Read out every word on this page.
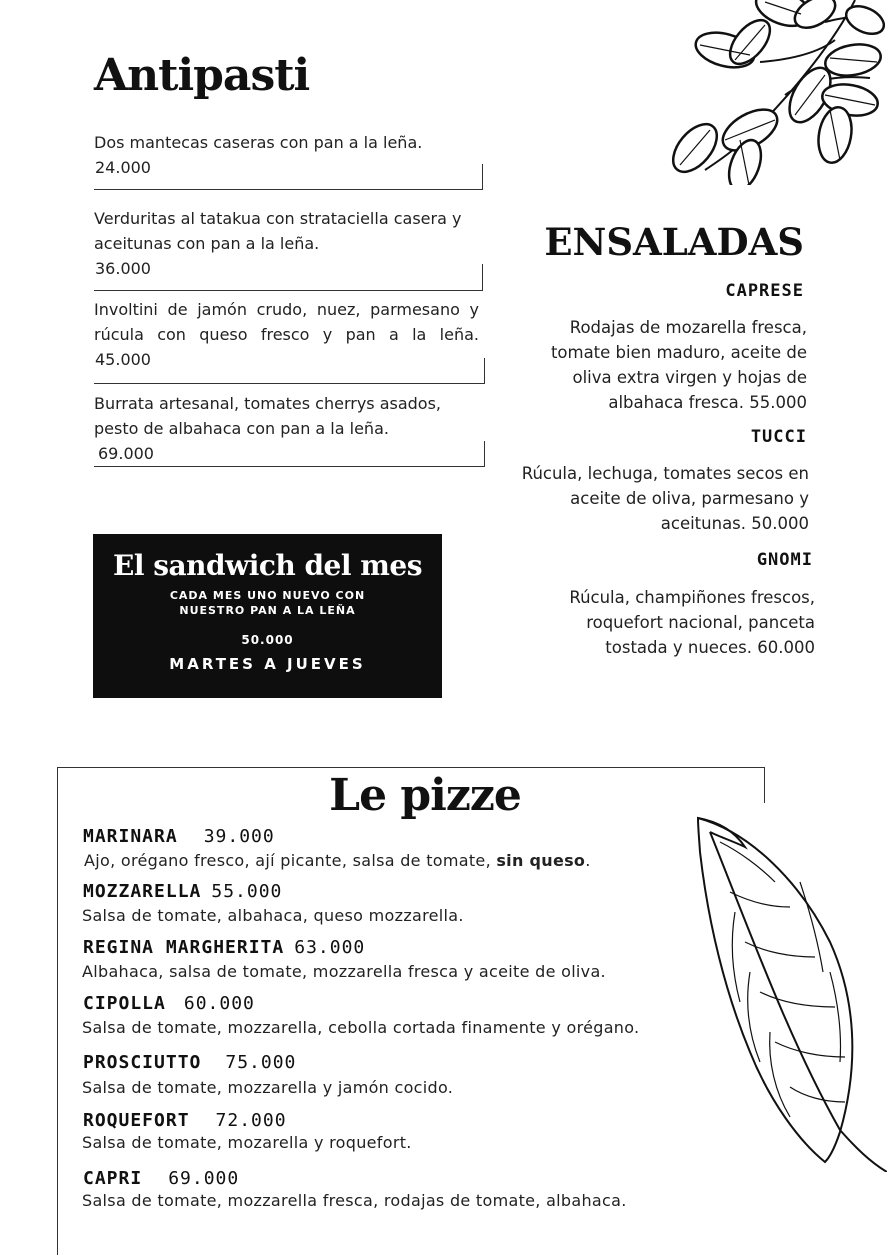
Antipasti
Dos mantecas caseras con pan a la leña.
24.000
Verduritas al tatakua con strataciella casera y aceitunas con pan a la leña.
36.000
Involtini de jamón crudo, nuez, parmesano y
rúcula con queso fresco y pan a la leña.
45.000
Burrata artesanal, tomates cherrys asados, pesto de albahaca con pan a la leña.
69.000
ENSALADAS
CAPRESE
Rodajas de mozarella fresca, tomate bien maduro, aceite de oliva extra virgen y hojas de albahaca fresca. 55.000
TUCCI
Rúcula, lechuga, tomates secos en aceite de oliva, parmesano y aceitunas. 50.000
GNOMI
Rúcula, champiñones frescos, roquefort nacional, panceta tostada y nueces. 60.000
El sandwich del mes
CADA MES UNO NUEVO CON
NUESTRO PAN A LA LEÑA
50.000
MARTES A JUEVES
Le pizze
MARINARA 39.000
Ajo, orégano fresco, ají picante, salsa de tomate, sin queso.
MOZZARELLA 55.000
Salsa de tomate, albahaca, queso mozzarella.
REGINA MARGHERITA 63.000
Albahaca, salsa de tomate, mozzarella fresca y aceite de oliva.
CIPOLLA 60.000
Salsa de tomate, mozzarella, cebolla cortada finamente y orégano.
PROSCIUTTO 75.000
Salsa de tomate, mozzarella y jamón cocido.
ROQUEFORT 72.000
Salsa de tomate, mozarella y roquefort.
CAPRI 69.000
Salsa de tomate, mozzarella fresca, rodajas de tomate, albahaca.
